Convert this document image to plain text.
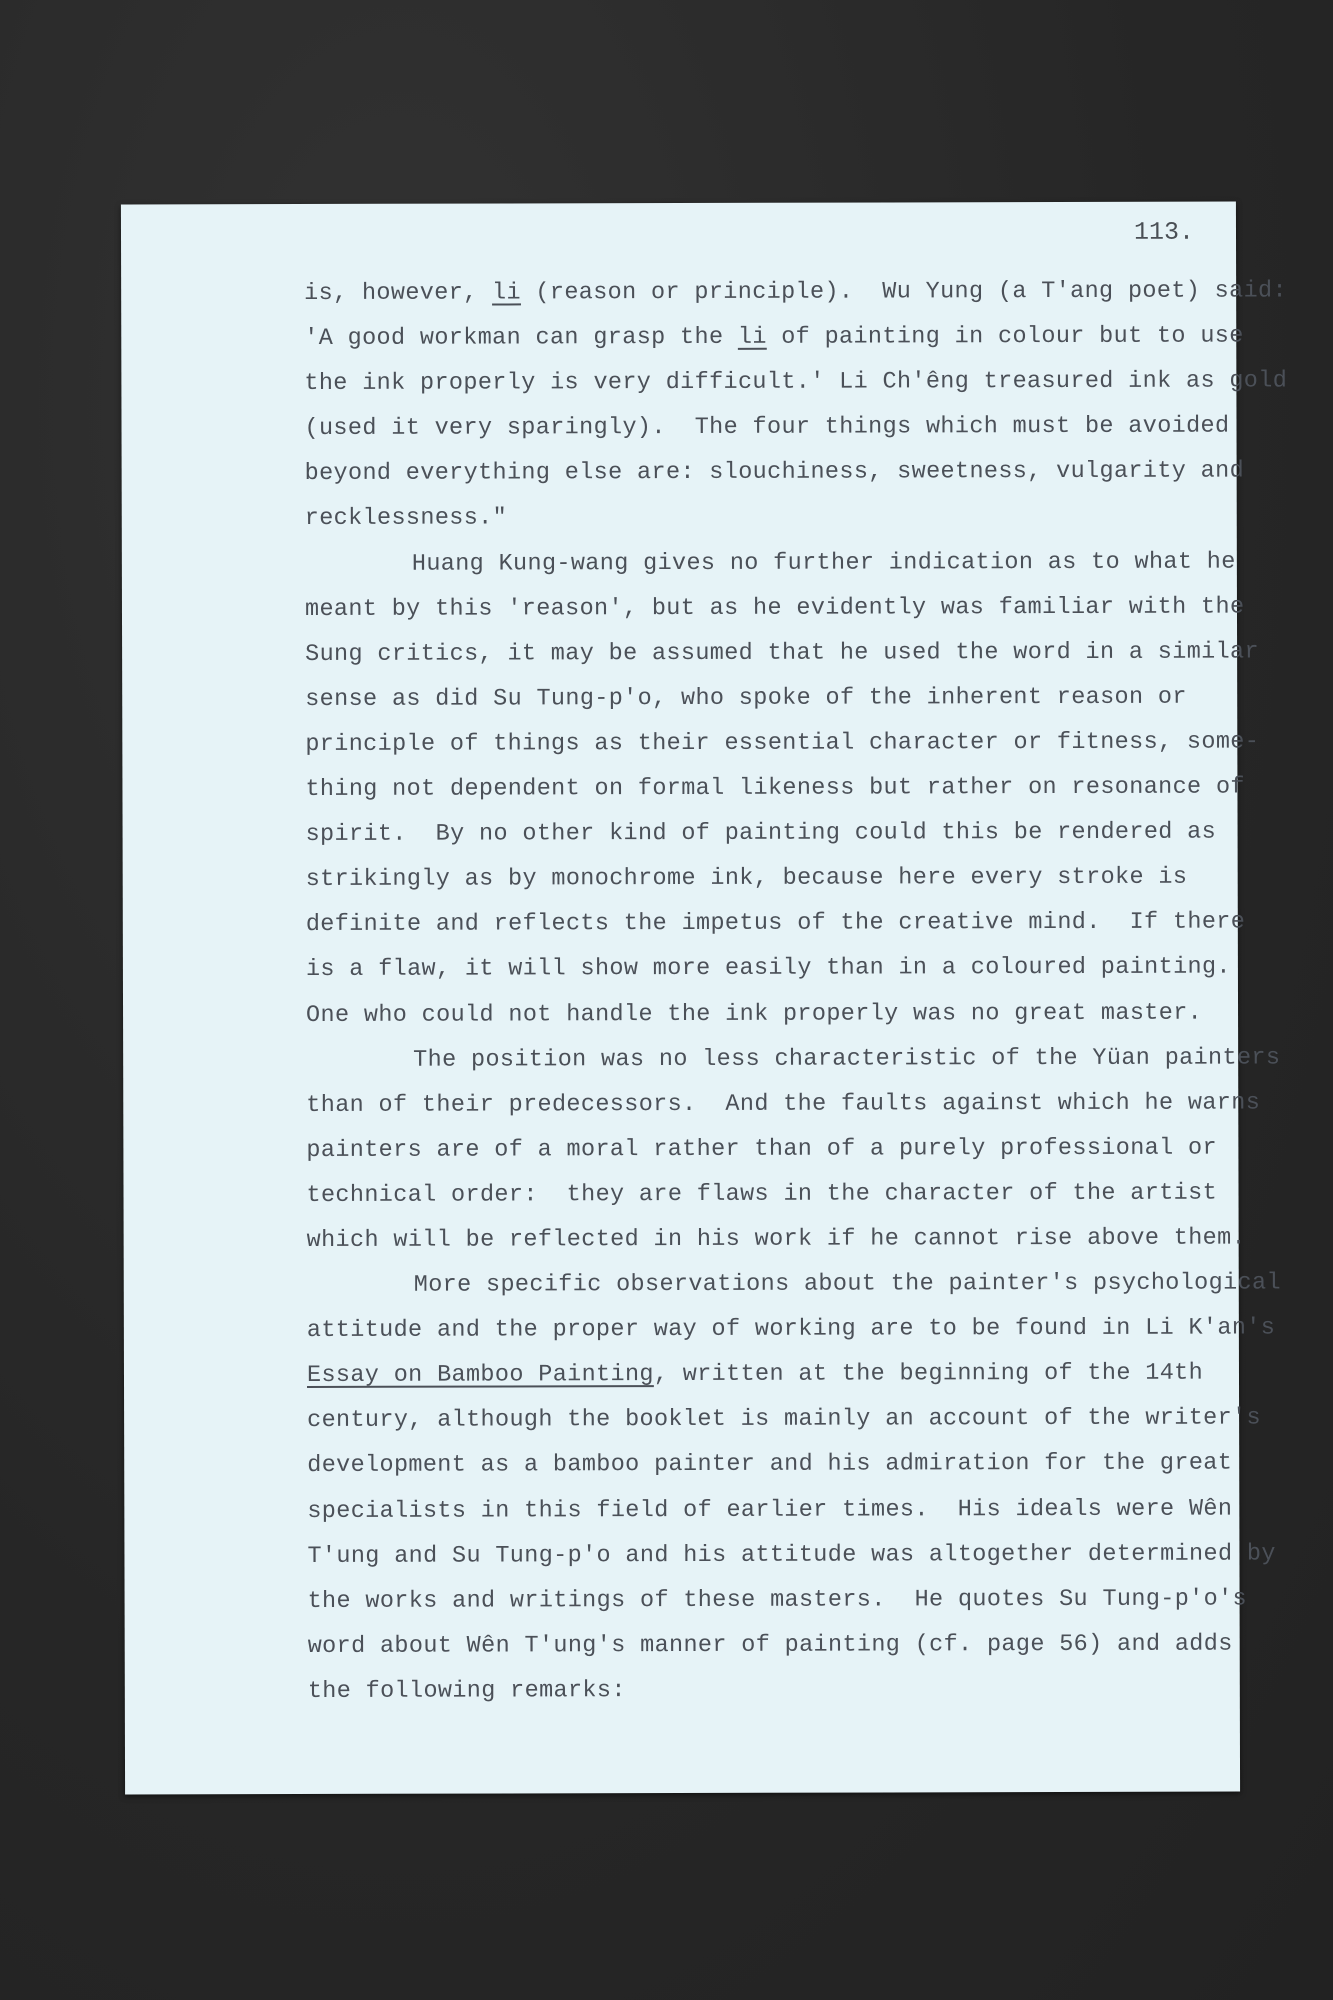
113.
is, however, li (reason or principle).  Wu Yung (a T'ang poet) said:
'A good workman can grasp the li of painting in colour but to use
the ink properly is very difficult.' Li Ch'êng treasured ink as gold
(used it very sparingly).  The four things which must be avoided
beyond everything else are: slouchiness, sweetness, vulgarity and
recklessness."
Huang Kung-wang gives no further indication as to what he
meant by this 'reason', but as he evidently was familiar with the
Sung critics, it may be assumed that he used the word in a similar
sense as did Su Tung-p'o, who spoke of the inherent reason or
principle of things as their essential character or fitness, some-
thing not dependent on formal likeness but rather on resonance of
spirit.  By no other kind of painting could this be rendered as
strikingly as by monochrome ink, because here every stroke is
definite and reflects the impetus of the creative mind.  If there
is a flaw, it will show more easily than in a coloured painting.
One who could not handle the ink properly was no great master.
The position was no less characteristic of the Yüan painters
than of their predecessors.  And the faults against which he warns
painters are of a moral rather than of a purely professional or
technical order:  they are flaws in the character of the artist
which will be reflected in his work if he cannot rise above them.
More specific observations about the painter's psychological
attitude and the proper way of working are to be found in Li K'an's
Essay on Bamboo Painting, written at the beginning of the 14th
century, although the booklet is mainly an account of the writer's
development as a bamboo painter and his admiration for the great
specialists in this field of earlier times.  His ideals were Wên
T'ung and Su Tung-p'o and his attitude was altogether determined by
the works and writings of these masters.  He quotes Su Tung-p'o's
word about Wên T'ung's manner of painting (cf. page 56) and adds
the following remarks:
